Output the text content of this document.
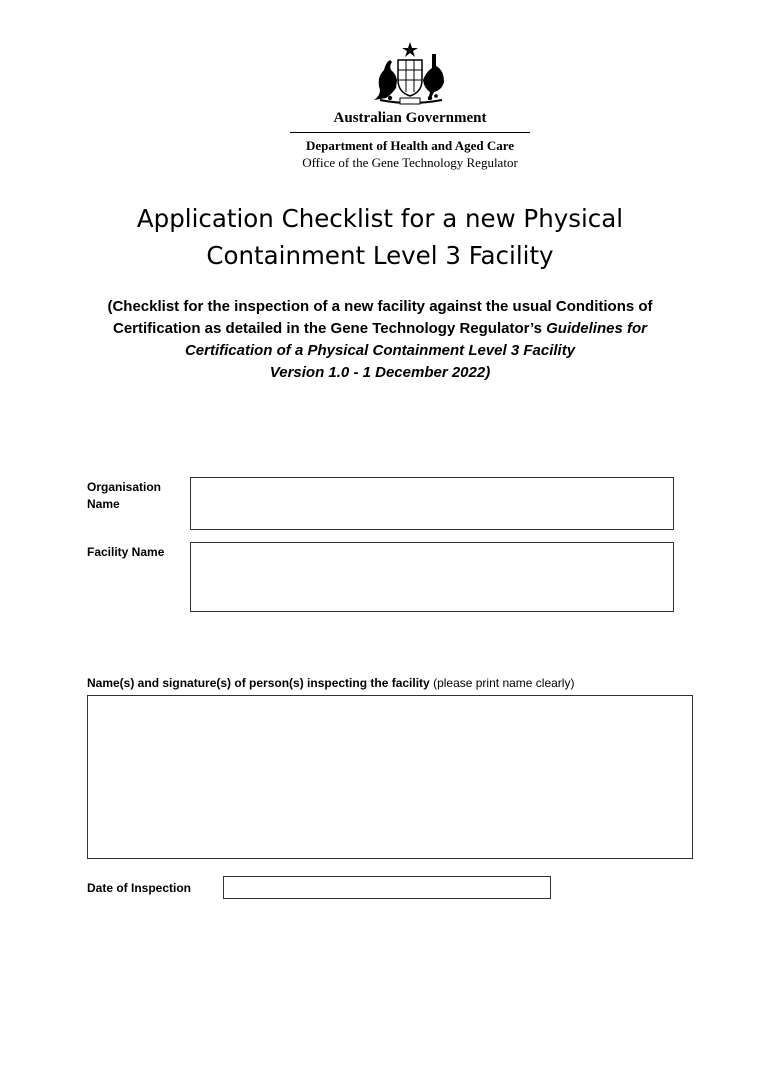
Australian Government
Department of Health and Aged Care
Office of the Gene Technology Regulator
Application Checklist for a new Physical
Containment Level 3 Facility
(Checklist for the inspection of a new facility against the usual Conditions of
Certification as detailed in the Gene Technology Regulator’s Guidelines for
Certification of a Physical Containment Level 3 Facility
Version 1.0 - 1 December 2022)
Organisation
Name
Facility Name
Name(s) and signature(s) of person(s) inspecting the facility (please print name clearly)
Date of Inspection
